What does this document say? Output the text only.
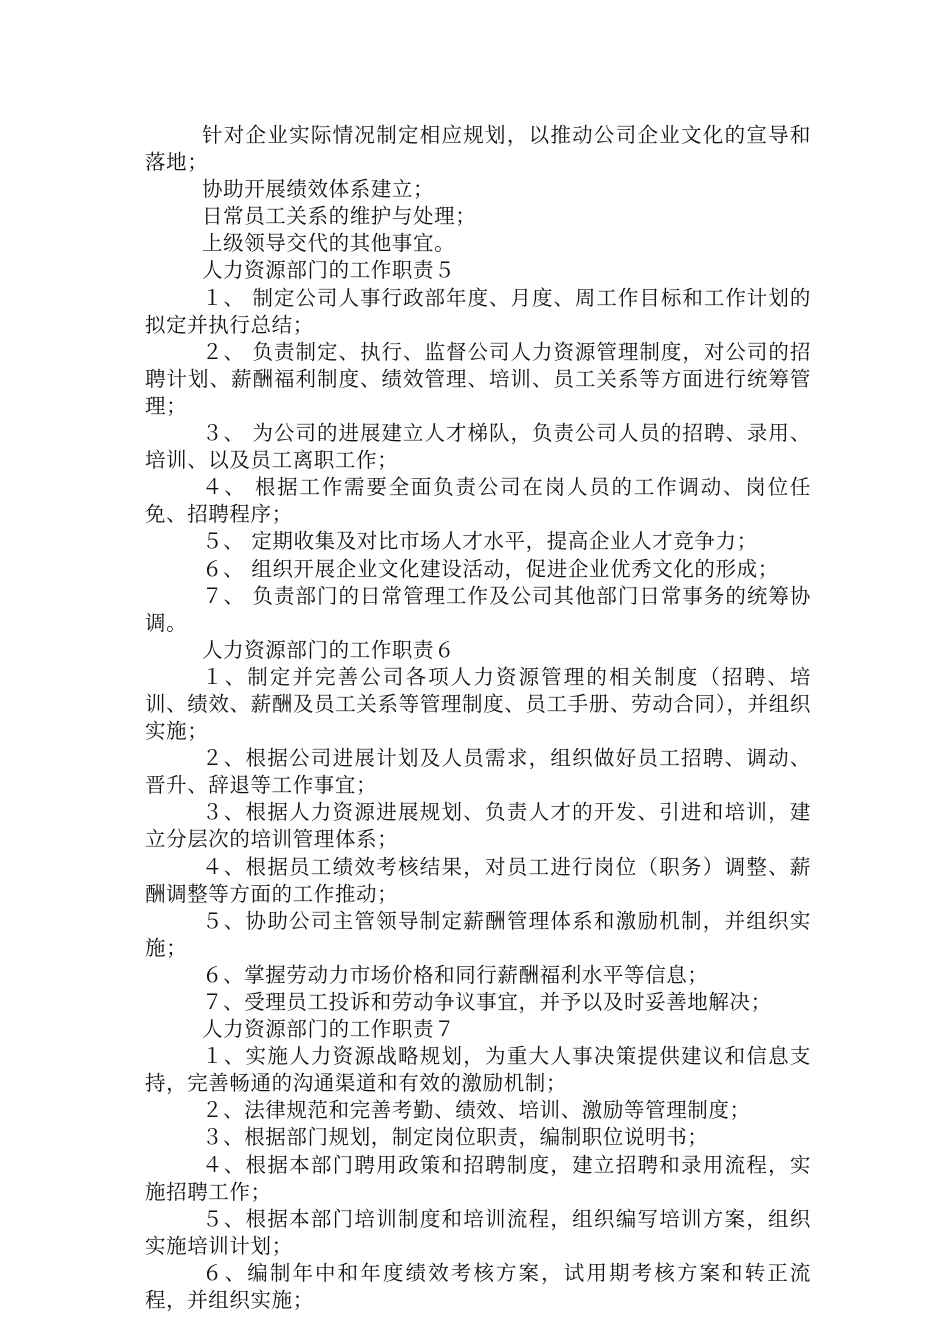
针对企业实际情况制定相应规划，以推动公司企业文化的宣导和落地；

协助开展绩效体系建立；

日常员工关系的维护与处理；

上级领导交代的其他事宜。

人力资源部门的工作职责５

１、 制定公司人事行政部年度、月度、周工作目标和工作计划的拟定并执行总结；

２、 负责制定、执行、监督公司人力资源管理制度，对公司的招聘计划、薪酬福利制度、绩效管理、培训、员工关系等方面进行统筹管理；

３、 为公司的进展建立人才梯队，负责公司人员的招聘、录用、培训、以及员工离职工作；

４、 根据工作需要全面负责公司在岗人员的工作调动、岗位任免、招聘程序；

５、 定期收集及对比市场人才水平，提高企业人才竞争力；

６、 组织开展企业文化建设活动，促进企业优秀文化的形成；

７、 负责部门的日常管理工作及公司其他部门日常事务的统筹协调。

人力资源部门的工作职责６

１、制定并完善公司各项人力资源管理的相关制度（招聘、培训、绩效、薪酬及员工关系等管理制度、员工手册、劳动合同），并组织实施；

２、根据公司进展计划及人员需求，组织做好员工招聘、调动、晋升、辞退等工作事宜；

３、根据人力资源进展规划、负责人才的开发、引进和培训，建立分层次的培训管理体系；

４、根据员工绩效考核结果，对员工进行岗位（职务）调整、薪酬调整等方面的工作推动；

５、协助公司主管领导制定薪酬管理体系和激励机制，并组织实施；

６、掌握劳动力市场价格和同行薪酬福利水平等信息；

７、受理员工投诉和劳动争议事宜，并予以及时妥善地解决；

人力资源部门的工作职责７

１、实施人力资源战略规划，为重大人事决策提供建议和信息支持，完善畅通的沟通渠道和有效的激励机制；

２、法律规范和完善考勤、绩效、培训、激励等管理制度；

３、根据部门规划，制定岗位职责，编制职位说明书；

４、根据本部门聘用政策和招聘制度，建立招聘和录用流程，实施招聘工作；

５、根据本部门培训制度和培训流程，组织编写培训方案，组织实施培训计划；

６、编制年中和年度绩效考核方案，试用期考核方案和转正流程，并组织实施；
